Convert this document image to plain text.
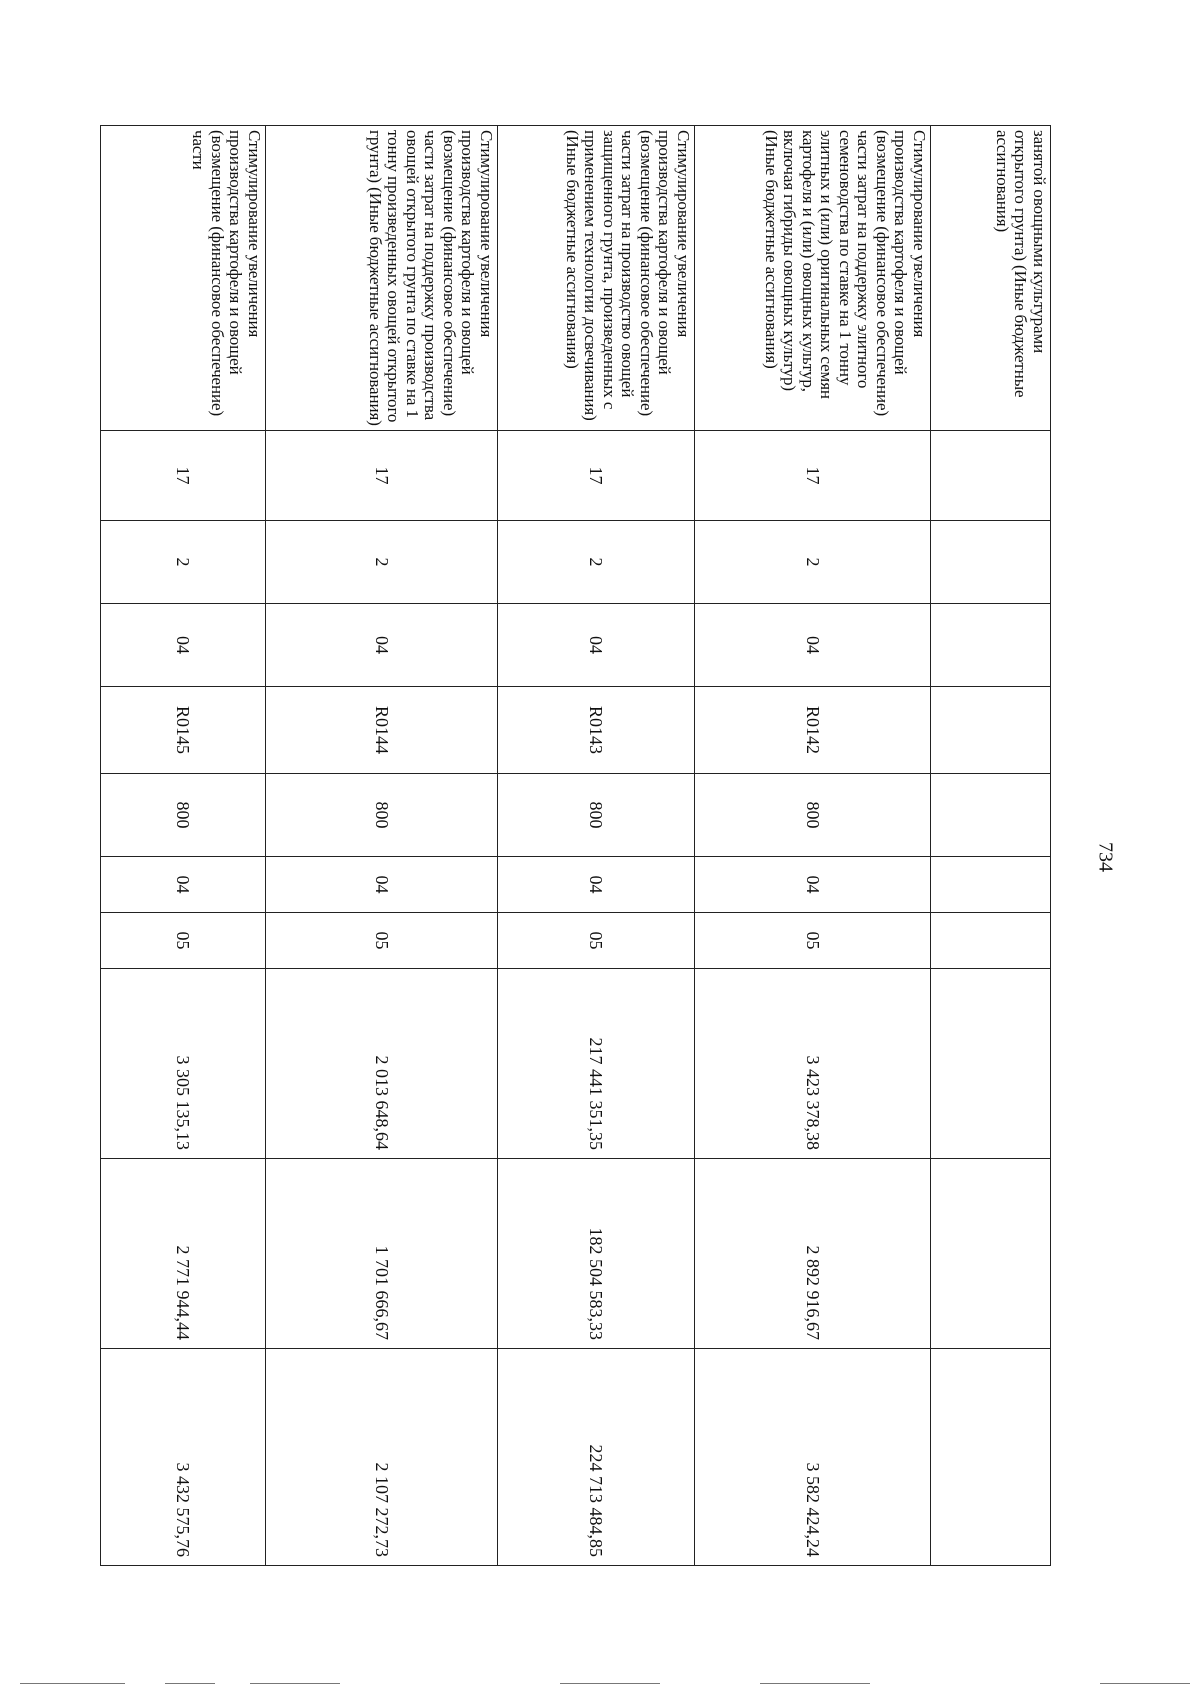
734
занятой овощными культурами открытого грунта) (Иные бюджетные ассигнования)										
Стимулирование увеличения производства картофеля и овощей (возмещение (финансовое обеспечение) части затрат на поддержку элитного семеноводства по ставке на 1 тонну элитных и (или) оригинальных семян картофеля и (или) овощных культур, включая гибриды овощных культур) (Иные бюджетные ассигнования)	17	2	04	R0142	800	04	05	3 423 378,38	2 892 916,67	3 582 424,24
Стимулирование увеличения производства картофеля и овощей (возмещение (финансовое обеспечение) части затрат на производство овощей защищенного грунта, произведенных с применением технологии досвечивания) (Иные бюджетные ассигнования)	17	2	04	R0143	800	04	05	217 441 351,35	182 504 583,33	224 713 484,85
Стимулирование увеличения производства картофеля и овощей (возмещение (финансовое обеспечение) части затрат на поддержку производства овощей открытого грунта по ставке на 1 тонну произведенных овощей открытого грунта) (Иные бюджетные ассигнования)	17	2	04	R0144	800	04	05	2 013 648,64	1 701 666,67	2 107 272,73
Стимулирование увеличения производства картофеля и овощей (возмещение (финансовое обеспечение) части	17	2	04	R0145	800	04	05	3 305 135,13	2 771 944,44	3 432 575,76
